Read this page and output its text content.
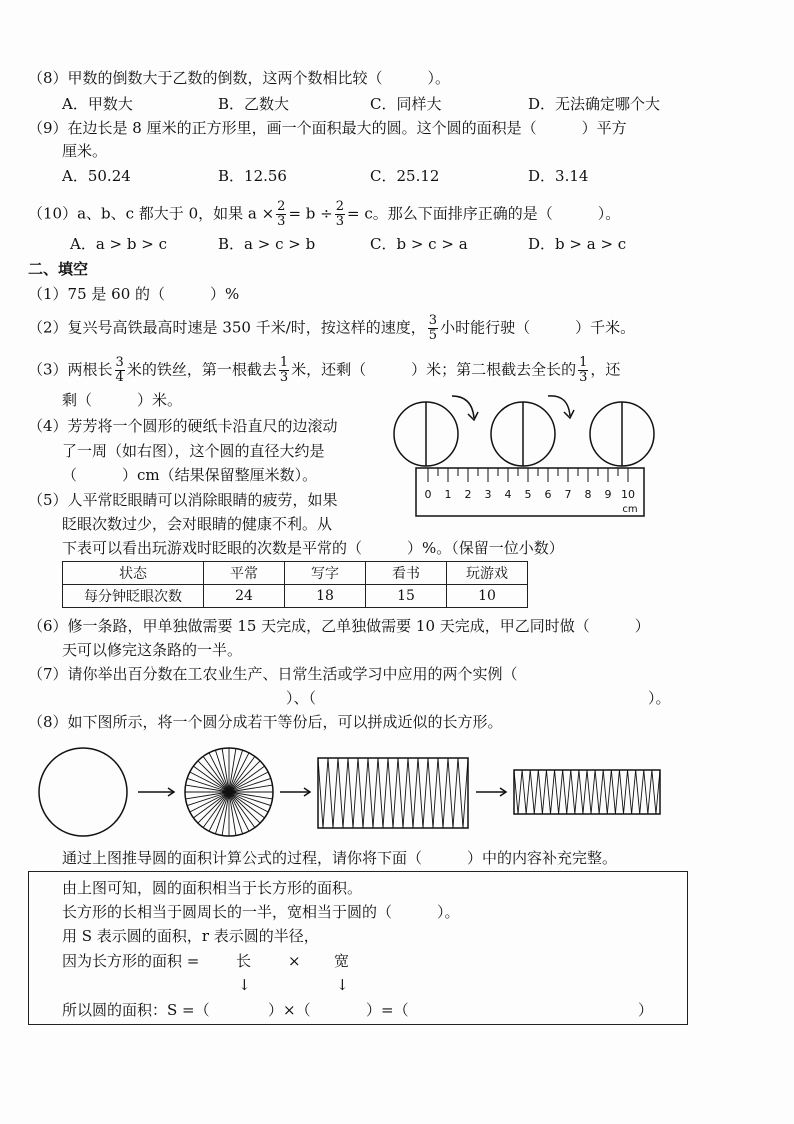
（8）甲数的倒数大于乙数的倒数，这两个数相比较（　　　）。
A．甲数大	B．乙数大	C．同样大	D．无法确定哪个大
（9）在边长是 8 厘米的正方形里，画一个面积最大的圆。这个圆的面积是（　　　）平方
厘米。
A．50.24	B．12.56	C．25.12	D．3.14
（10）a、b、c 都大于 0，如果 $a \times \frac{2}{3} = b \div \frac{2}{3} = c$。那么下面排序正确的是（　　　）。
A．a > b > c	B．a > c > b	C．b > c > a	D．b > a > c
二、填空
（1）75 是 60 的（　　　）%
（2）复兴号高铁最高时速是 350 千米/时，按这样的速度， $\frac{3}{5}$ 小时能行驶（　　　）千米。
（3）两根长 $\frac{3}{4}$ 米的铁丝，第一根截去 $\frac{1}{3}$ 米，还剩（　　　）米；第二根截去全长的 $\frac{1}{3}$ ，还
剩（　　　）米。
（4）芳芳将一个圆形的硬纸卡沿直尺的边滚动
了一周（如右图），这个圆的直径大约是
（　　　）cm（结果保留整厘米数）。
0 1 2 3 4 5 6 7 8 9 10
cm
（5）人平常眨眼睛可以消除眼睛的疲劳，如果
眨眼次数过少，会对眼睛的健康不利。从
下表可以看出玩游戏时眨眼的次数是平常的（　　　）%。（保留一位小数）
状态	平常	写字	看书	玩游戏
每分钟眨眼次数	24	18	15	10
（6）修一条路，甲单独做需要 15 天完成，乙单独做需要 10 天完成，甲乙同时做（　　　）
天可以修完这条路的一半。
（7）请你举出百分数在工农业生产、日常生活或学习中应用的两个实例（
）、（	）。
（8）如下图所示，将一个圆分成若干等份后，可以拼成近似的长方形。
通过上图推导圆的面积计算公式的过程，请你将下面（　　　）中的内容补充完整。
由上图可知，圆的面积相当于长方形的面积。
长方形的长相当于圆周长的一半，宽相当于圆的（　　　）。
用 S 表示圆的面积，r 表示圆的半径，
因为长方形的面积 = 长 × 宽
↓	↓
所以圆的面积：S =（	）×（	）=（	）
